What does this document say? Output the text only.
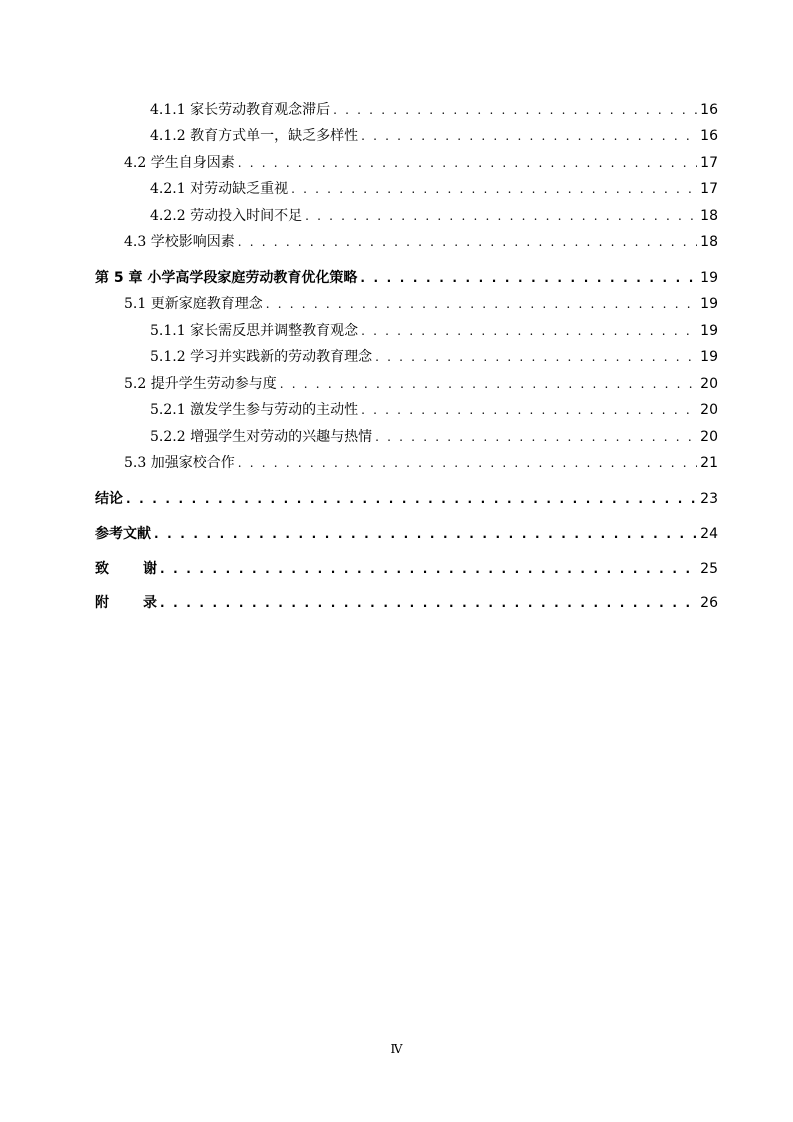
4.1.1 家长劳动教育观念滞后 . . .	16
4.1.2 教育方式单一，缺乏多样性 . . .	16
4.2 学生自身因素 . . .	17
4.2.1 对劳动缺乏重视 . . .	17
4.2.2 劳动投入时间不足 . . .	18
4.3 学校影响因素 . . .	18
第 5 章 小学高学段家庭劳动教育优化策略 . . .	19
5.1 更新家庭教育理念 . . .	19
5.1.1 家长需反思并调整教育观念 . . .	19
5.1.2 学习并实践新的劳动教育理念 . . .	19
5.2 提升学生劳动参与度 . . .	20
5.2.1 激发学生参与劳动的主动性 . . .	20
5.2.2 增强学生对劳动的兴趣与热情 . . .	20
5.3 加强家校合作 . . .	21
结论 . . .	23
参考文献 . . .	24
致 谢 . . .	25
附 录 . . .	26
Ⅳ
